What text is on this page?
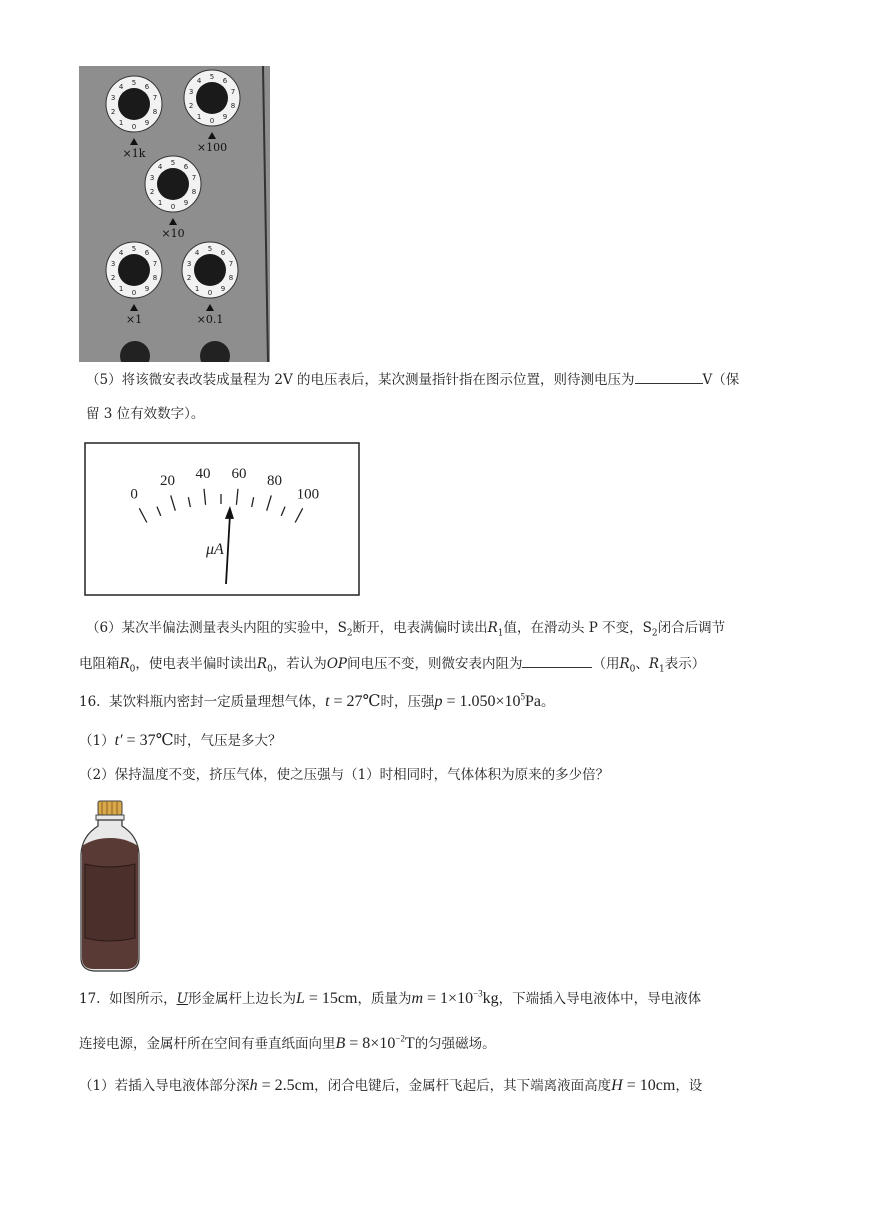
0
1
2
3
4
5
6
7
8
9
×1k
0
1
2
3
4
5
6
7
8
9
×100
0
1
2
3
4
5
6
7
8
9
×10
0
1
2
3
4
5
6
7
8
9
×1
0
1
2
3
4
5
6
7
8
9
×0.1
（5）将该微安表改装成量程为 2V 的电压表后，某次测量指针指在图示位置，则待测电压为	V（保
留 3 位有效数字）。
0
20 40 60 80
100
μA
（6）某次半偏法测量表头内阻的实验中，$S_2$断开，电表满偏时读出$R_1$值，在滑动头 P 不变，$S_2$闭合后调节
电阻箱$R_0$，使电表半偏时读出$R_0$，若认为OP间电压不变，则微安表内阻为	（用$R_0$、$R_1$表示）
16. 某饮料瓶内密封一定质量理想气体，t = 27℃时，压强$p = 1.050\times 10^5Pa$。
（1）t′ = 37℃时，气压是多大？
（2）保持温度不变，挤压气体，使之压强与（1）时相同时，气体体积为原来的多少倍？
17. 如图所示，U形金属杆上边长为L = 15cm，质量为$m = 1\times 10^{-3}kg$，下端插入导电液体中，导电液体
连接电源，金属杆所在空间有垂直纸面向里$B = 8\times 10^{-2}T$的匀强磁场。
（1）若插入导电液体部分深h = 2.5cm，闭合电键后，金属杆飞起后，其下端离液面高度H = 10cm，设
